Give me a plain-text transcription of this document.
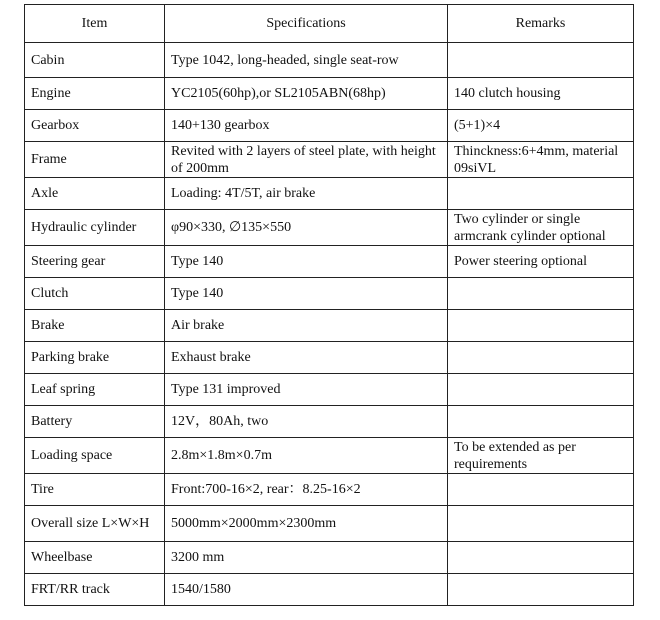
Item	Specifications	Remarks
Cabin	Type 1042, long-headed, single seat-row	
Engine	YC2105(60hp),or SL2105ABN(68hp)	140 clutch housing
Gearbox	140+130 gearbox	(5+1)×4
Frame	Revited with 2 layers of steel plate, with height of 200mm	Thinckness:6+4mm, material 09siVL
Axle	Loading: 4T/5T, air brake	
Hydraulic cylinder	φ90×330, ∅135×550	Two cylinder or single armcrank cylinder optional
Steering gear	Type 140	Power steering optional
Clutch	Type 140	
Brake	Air brake	
Parking brake	Exhaust brake	
Leaf spring	Type 131 improved	
Battery	12V，80Ah, two	
Loading space	2.8m×1.8m×0.7m	To be extended as per requirements
Tire	Front:700-16×2, rear：8.25-16×2	
Overall size L×W×H	5000mm×2000mm×2300mm	
Wheelbase	3200 mm	
FRT/RR track	1540/1580	
